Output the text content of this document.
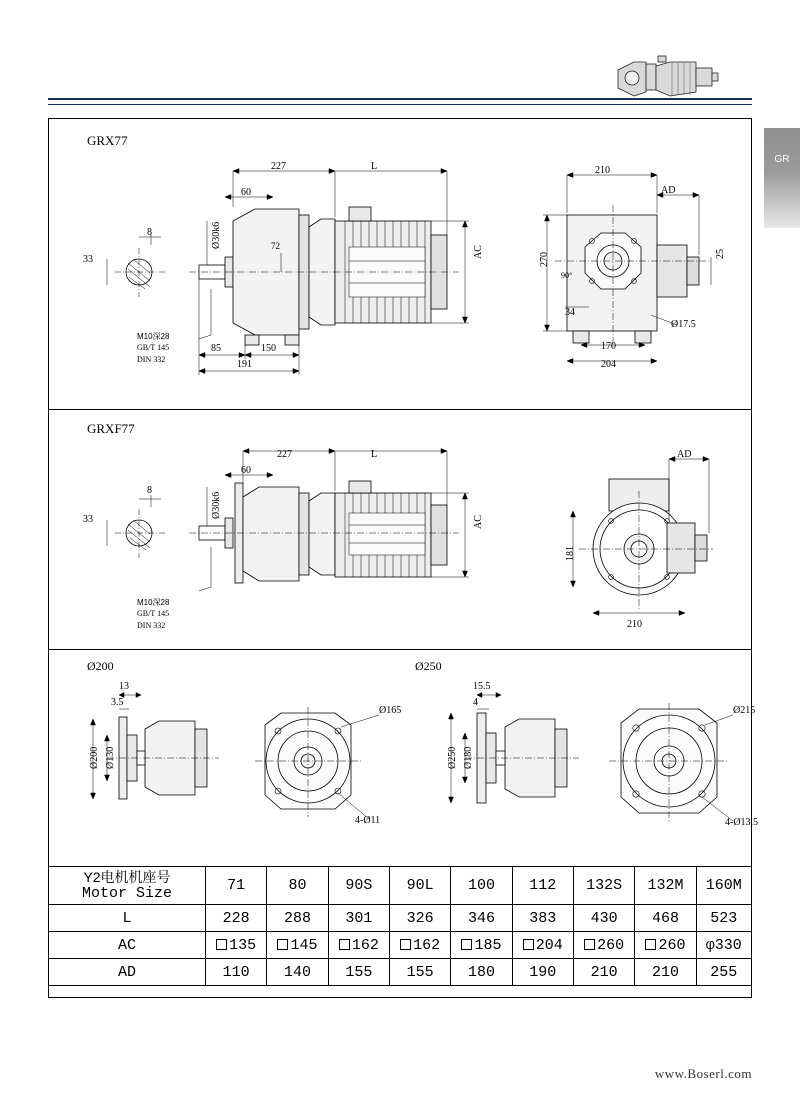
GR
GRX77
227	L
60
8
33
Ø30k6	72	AC
85	150
191
M10深28
GB/T 145
DIN 332
210
AD
270	25
90°
34
170
204
Ø17.5
GRXF77
227	L
60
8
33
Ø30k6
AC
M10深28
GB/T 145
DIN 332
AD
181
210
Ø200	Ø250
13
3.5
Ø200 Ø130
Ø165
4-Ø11
15.5
4
Ø250 Ø180
Ø215
4-Ø13.5
Y2电机机座号
Motor Size	71	80	90S	90L	100	112	132S	132M	160M
L	228	288	301	326	346	383	430	468	523
AC	135	145	162	162	185	204	260	260	φ330
AD	110	140	155	155	180	190	210	210	255
www.Boserl.com
